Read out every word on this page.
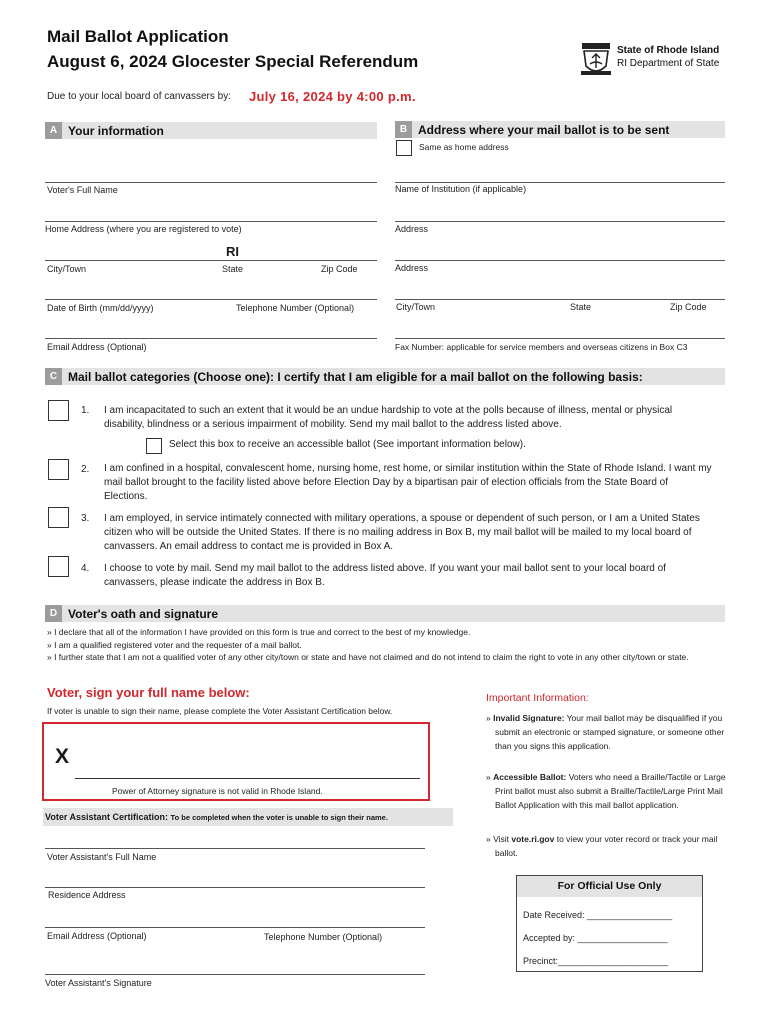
Mail Ballot Application
August 6, 2024 Glocester Special Referendum
State of Rhode Island
RI Department of State
Due to your local board of canvassers by: July 16, 2024 by 4:00 p.m.
A Your information
Voter's Full Name
Home Address (where you are registered to vote)
RI
City/Town	State	Zip Code
Date of Birth (mm/dd/yyyy)	Telephone Number (Optional)
Email Address (Optional)
B Address where your mail ballot is to be sent
Same as home address
Name of Institution (if applicable)
Address
Address
City/Town	State	Zip Code
Fax Number: applicable for service members and overseas citizens in Box C3
C Mail ballot categories (Choose one): I certify that I am eligible for a mail ballot on the following basis:
1. I am incapacitated to such an extent that it would be an undue hardship to vote at the polls because of illness, mental or physical disability, blindness or a serious impairment of mobility. Send my mail ballot to the address listed above.
Select this box to receive an accessible ballot (See important information below).
2. I am confined in a hospital, convalescent home, nursing home, rest home, or similar institution within the State of Rhode Island. I want my mail ballot brought to the facility listed above before Election Day by a bipartisan pair of election officials from the State Board of Elections.
3. I am employed, in service intimately connected with military operations, a spouse or dependent of such person, or I am a United States citizen who will be outside the United States. If there is no mailing address in Box B, my mail ballot will be mailed to my local board of canvassers. An email address to contact me is provided in Box A.
4. I choose to vote by mail. Send my mail ballot to the address listed above. If you want your mail ballot sent to your local board of canvassers, please indicate the address in Box B.
D Voter's oath and signature
» I declare that all of the information I have provided on this form is true and correct to the best of my knowledge.
» I am a qualified registered voter and the requester of a mail ballot.
» I further state that I am not a qualified voter of any other city/town or state and have not claimed and do not intend to claim the right to vote in any other city/town or state.
Voter, sign your full name below:
If voter is unable to sign their name, please complete the Voter Assistant Certification below.
X
Power of Attorney signature is not valid in Rhode Island.
Voter Assistant Certification: To be completed when the voter is unable to sign their name.
Voter Assistant's Full Name
Residence Address
Email Address (Optional)	Telephone Number (Optional)
Voter Assistant's Signature
Important Information:
» Invalid Signature: Your mail ballot may be disqualified if you submit an electronic or stamped signature, or someone other than you signs this application.
» Accessible Ballot: Voters who need a Braille/Tactile or Large Print ballot must also submit a Braille/Tactile/Large Print Mail Ballot Application with this mail ballot application.
» Visit vote.ri.gov to view your voter record or track your mail ballot.
For Official Use Only
Date Received: _________________
Accepted by: __________________
Precinct:______________________
